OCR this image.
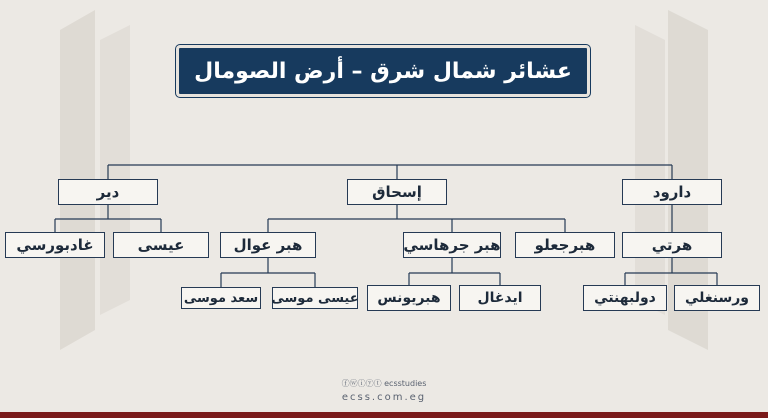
عشائر شمال شرق – أرض الصومال
دير	إسحاق	دارود
غادبورسي	عيسى	هبر عوال	هبر جرهاسي	هبرجعلو	هرتي
سعد موسى عيسى موسى	هبريونس	ايدغال	دولبهنتي	ورسنغلي
ⓕⓦⓘⓨⓣ ecsstudies
ecss.com.eg
